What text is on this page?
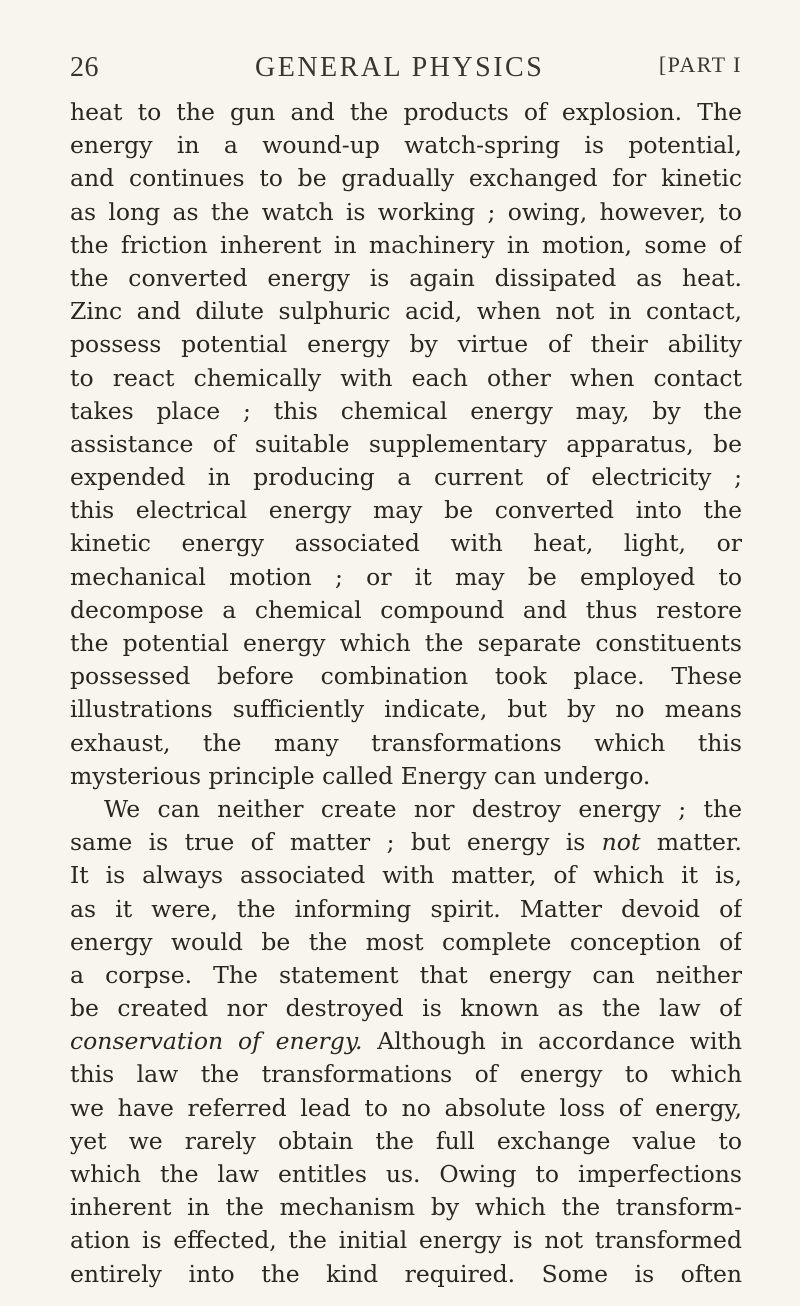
26	GENERAL PHYSICS	[PART I
heat to the gun and the products of explosion. The
energy in a wound-up watch-spring is potential,
and continues to be gradually exchanged for kinetic
as long as the watch is working ; owing, however, to
the friction inherent in machinery in motion, some of
the converted energy is again dissipated as heat.
Zinc and dilute sulphuric acid, when not in contact,
possess potential energy by virtue of their ability
to react chemically with each other when contact
takes place ; this chemical energy may, by the
assistance of suitable supplementary apparatus, be
expended in producing a current of electricity ;
this electrical energy may be converted into the
kinetic energy associated with heat, light, or
mechanical motion ; or it may be employed to
decompose a chemical compound and thus restore
the potential energy which the separate constituents
possessed before combination took place. These
illustrations sufficiently indicate, but by no means
exhaust, the many transformations which this
mysterious principle called Energy can undergo.
We can neither create nor destroy energy ; the
same is true of matter ; but energy is not matter.
It is always associated with matter, of which it is,
as it were, the informing spirit. Matter devoid of
energy would be the most complete conception of
a corpse. The statement that energy can neither
be created nor destroyed is known as the law of
conservation of energy. Although in accordance with
this law the transformations of energy to which
we have referred lead to no absolute loss of energy,
yet we rarely obtain the full exchange value to
which the law entitles us. Owing to imperfections
inherent in the mechanism by which the transform-
ation is effected, the initial energy is not transformed
entirely into the kind required. Some is often
